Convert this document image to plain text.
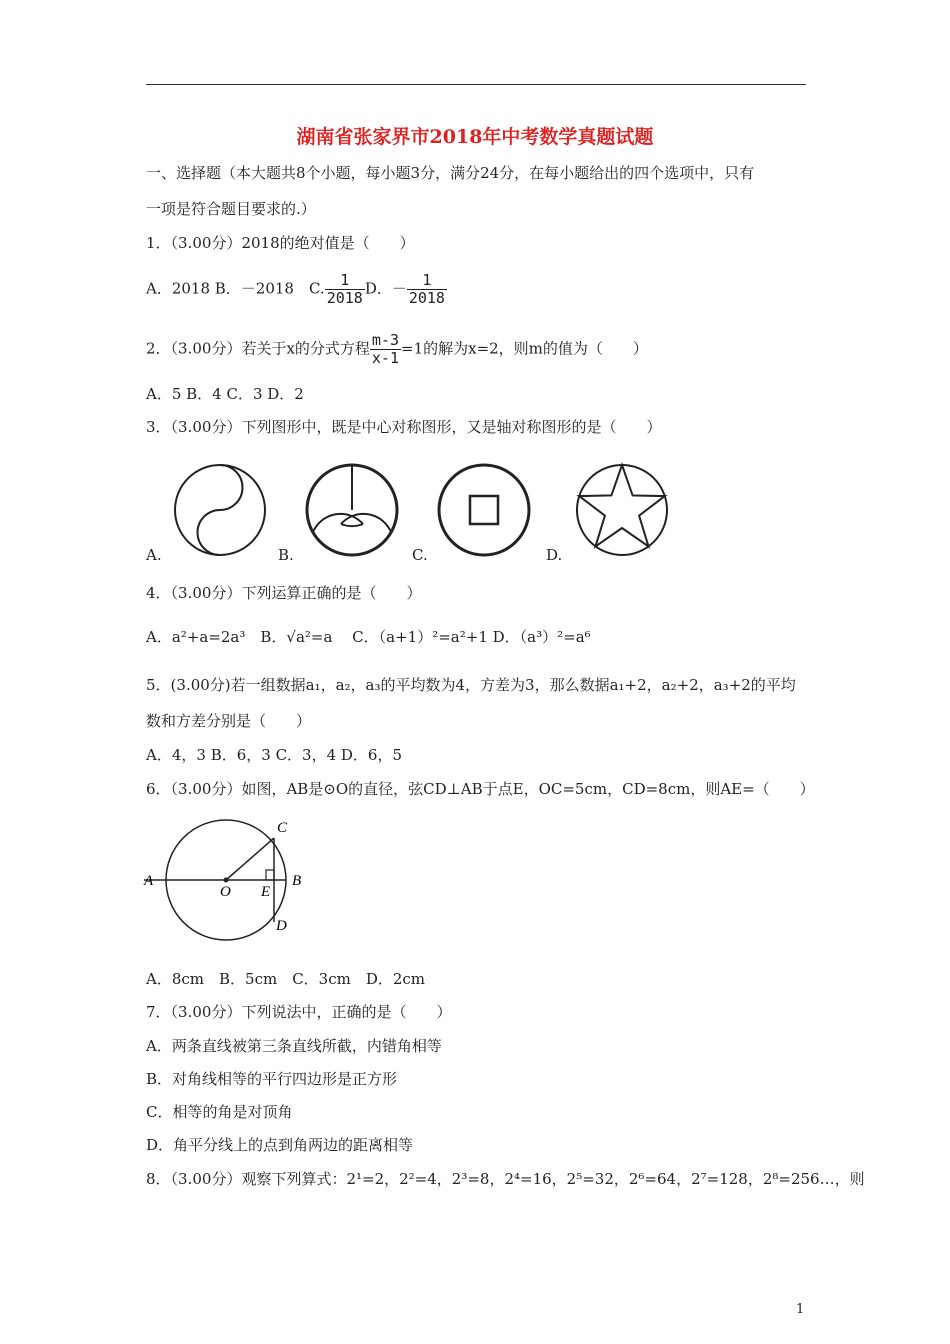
湖南省张家界市2018年中考数学真题试题
一、选择题（本大题共8个小题，每小题3分，满分24分，在每小题给出的四个选项中，只有
一项是符合题目要求的.）
1．（3.00分）2018的绝对值是（　　）
A．2018 B．－2018　C. $\frac{1}{2018}$ D．－ $\frac{1}{2018}$
2．（3.00分）若关于x的分式方程 $\frac{m-3}{x-1} =1$的解为x=2，则m的值为（　　）
A．5 B．4 C．3 D．2
3．（3.00分）下列图形中，既是中心对称图形，又是轴对称图形的是（　　）
A.	B.	C.	D.
4．（3.00分）下列运算正确的是（　　）
A．a²+a=2a³　B．√a²=a　 C．（a+1）²=a²+1 D．（a³）²=a⁶
5．(3.00分)若一组数据a₁，a₂，a₃的平均数为4，方差为3，那么数据a₁+2，a₂+2，a₃+2的平均
数和方差分别是（　　）
A．4，3 B．6，3 C．3，4 D．6，5
6．（3.00分）如图，AB是⊙O的直径，弦CD⊥AB于点E，OC=5cm，CD=8cm，则AE=（　　）
A	B
C
D
O E
A．8cm　B．5cm　C．3cm　D．2cm
7．（3.00分）下列说法中，正确的是（　　）
A．两条直线被第三条直线所截，内错角相等
B．对角线相等的平行四边形是正方形
C．相等的角是对顶角
D．角平分线上的点到角两边的距离相等
8．（3.00分）观察下列算式：2¹=2，2²=4，2³=8，2⁴=16，2⁵=32，2⁶=64，2⁷=128，2⁸=256…，则
1
